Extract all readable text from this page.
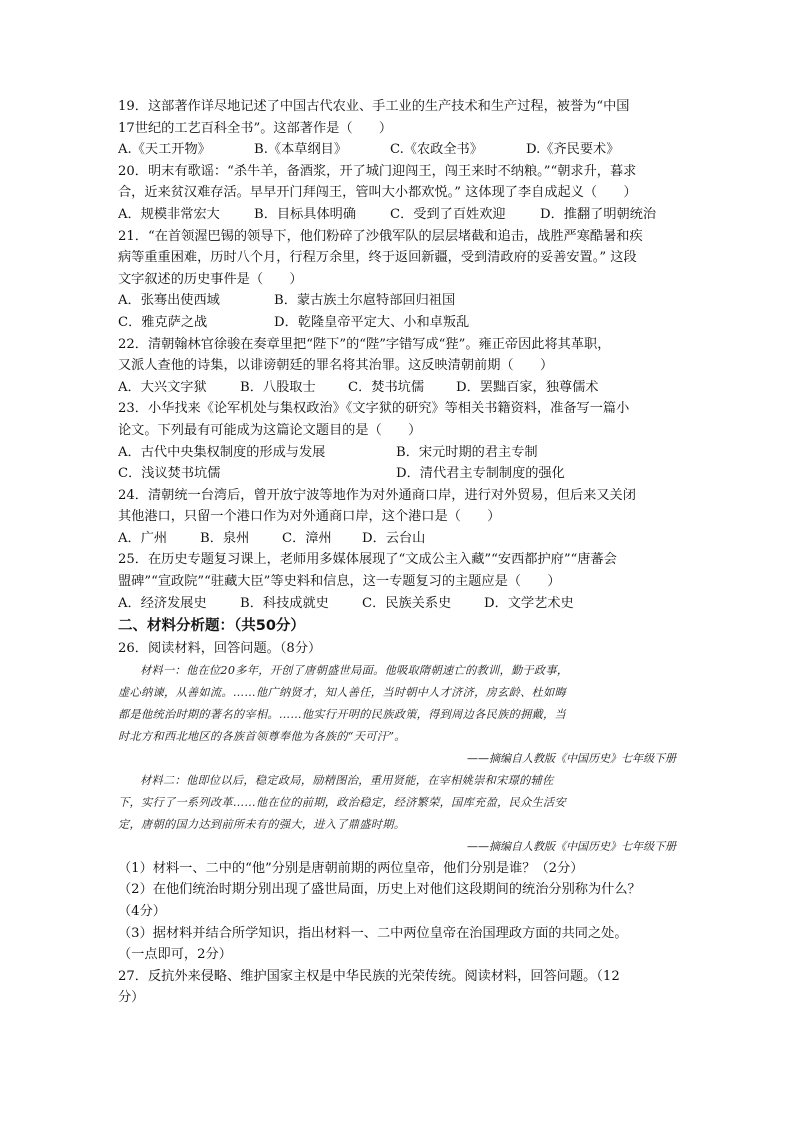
19．这部著作详尽地记述了中国古代农业、手工业的生产技术和生产过程，被誉为“中国
17世纪的工艺百科全书”。这部著作是（　　）
A.《天工开物》	B.《本草纲目》	C.《农政全书》	D.《齐民要术》
20．明末有歌谣：“杀牛羊，备酒浆，开了城门迎闯王，闯王来时不纳粮。”“朝求升，暮求
合，近来贫汉难存活。早早开门拜闯王，管叫大小都欢悦。” 这体现了李自成起义（　　）
A．规模非常宏大	B．目标具体明确	C．受到了百姓欢迎	D．推翻了明朝统治
21．“在首领渥巴锡的领导下，他们粉碎了沙俄军队的层层堵截和追击，战胜严寒酷暑和疾
病等重重困难，历时八个月，行程万余里，终于返回新疆，受到清政府的妥善安置。” 这段
文字叙述的历史事件是（　　）
A．张骞出使西域	B．蒙古族土尔扈特部回归祖国
C．雅克萨之战	D．乾隆皇帝平定大、小和卓叛乱
22．清朝翰林官徐骏在奏章里把“陛下”的“陛”字错写成“狴”。雍正帝因此将其革职，
又派人查他的诗集，以诽谤朝廷的罪名将其治罪。这反映清朝前期（　　）
A．大兴文字狱	B．八股取士	C．焚书坑儒	D．罢黜百家，独尊儒术
23．小华找来《论军机处与集权政治》《文字狱的研究》等相关书籍资料，准备写一篇小
论文。下列最有可能成为这篇论文题目的是（　　）
A．古代中央集权制度的形成与发展	B．宋元时期的君主专制
C．浅议焚书坑儒	D．清代君主专制制度的强化
24．清朝统一台湾后，曾开放宁波等地作为对外通商口岸，进行对外贸易，但后来又关闭
其他港口，只留一个港口作为对外通商口岸，这个港口是（　　）
A．广州	B．泉州	C．漳州	D．云台山
25．在历史专题复习课上，老师用多媒体展现了“文成公主入藏”“安西都护府”“唐蕃会
盟碑”“宣政院”“驻藏大臣”等史料和信息，这一专题复习的主题应是（　　）
A．经济发展史	B．科技成就史	C．民族关系史	D．文学艺术史
二、材料分析题：（共50分）
26．阅读材料，回答问题。（8分）
材料一：他在位20多年，开创了唐朝盛世局面。他吸取隋朝速亡的教训，勤于政事，
虚心纳谏，从善如流。……他广纳贤才，知人善任，当时朝中人才济济，房玄龄、杜如晦
都是他统治时期的著名的宰相。……他实行开明的民族政策，得到周边各民族的拥戴，当
时北方和西北地区的各族首领尊奉他为各族的“天可汗”。
——摘编自人教版《中国历史》七年级下册
材料二：他即位以后，稳定政局，励精图治，重用贤能，在宰相姚崇和宋璟的辅佐
下，实行了一系列改革……他在位的前期，政治稳定，经济繁荣，国库充盈，民众生活安
定，唐朝的国力达到前所未有的强大，进入了鼎盛时期。
——摘编自人教版《中国历史》七年级下册
（1）材料一、二中的“他”分别是唐朝前期的两位皇帝，他们分别是谁？（2分）
（2）在他们统治时期分别出现了盛世局面，历史上对他们这段期间的统治分别称为什么？
（4分）
（3）据材料并结合所学知识，指出材料一、二中两位皇帝在治国理政方面的共同之处。
（一点即可，2分）
27．反抗外来侵略、维护国家主权是中华民族的光荣传统。阅读材料，回答问题。（12
分）
